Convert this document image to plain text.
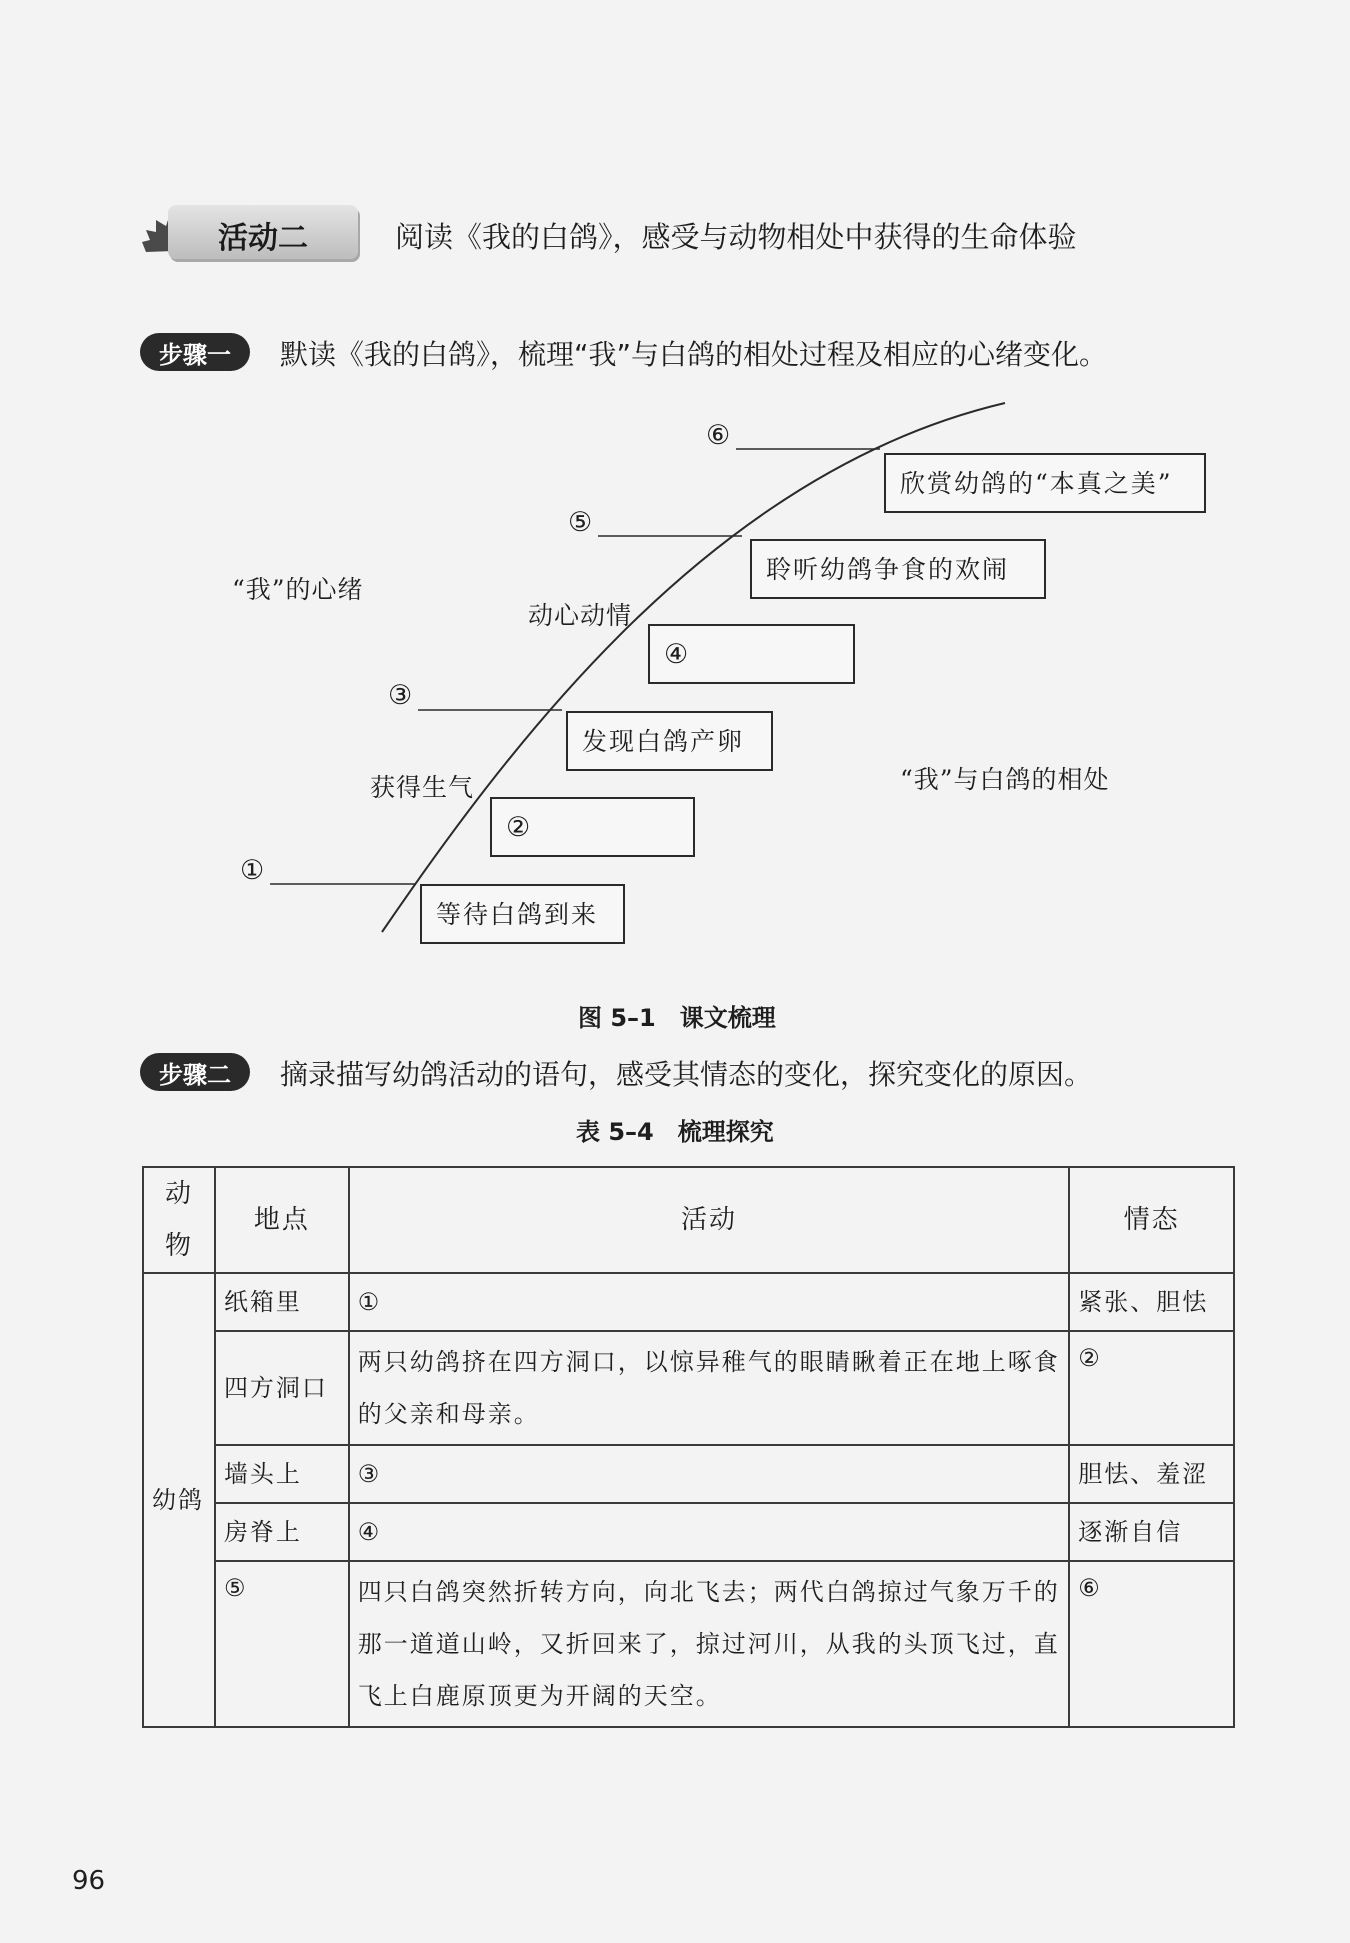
活动二	阅读《我的白鸽》，感受与动物相处中获得的生命体验
步骤一	默读《我的白鸽》，梳理“我”与白鸽的相处过程及相应的心绪变化。
“我”的心绪
“我”与白鸽的相处
①
获得生气
③
动心动情
⑤
⑥
等待白鸽到来
②
发现白鸽产卵
④
聆听幼鸽争食的欢闹
欣赏幼鸽的“本真之美”
图 5–1　课文梳理
步骤二	摘录描写幼鸽活动的语句，感受其情态的变化，探究变化的原因。
表 5–4　梳理探究
动物	地点	活动	情态
幼鸽	纸箱里	①	紧张、胆怯
	四方洞口	两只幼鸽挤在四方洞口，以惊异稚气的眼睛瞅着正在地上啄食的父亲和母亲。	②
	墙头上	③	胆怯、羞涩
	房脊上	④	逐渐自信
	⑤	四只白鸽突然折转方向，向北飞去；两代白鸽掠过气象万千的那一道道山岭，又折回来了，掠过河川，从我的头顶飞过，直飞上白鹿原顶更为开阔的天空。	⑥
96
